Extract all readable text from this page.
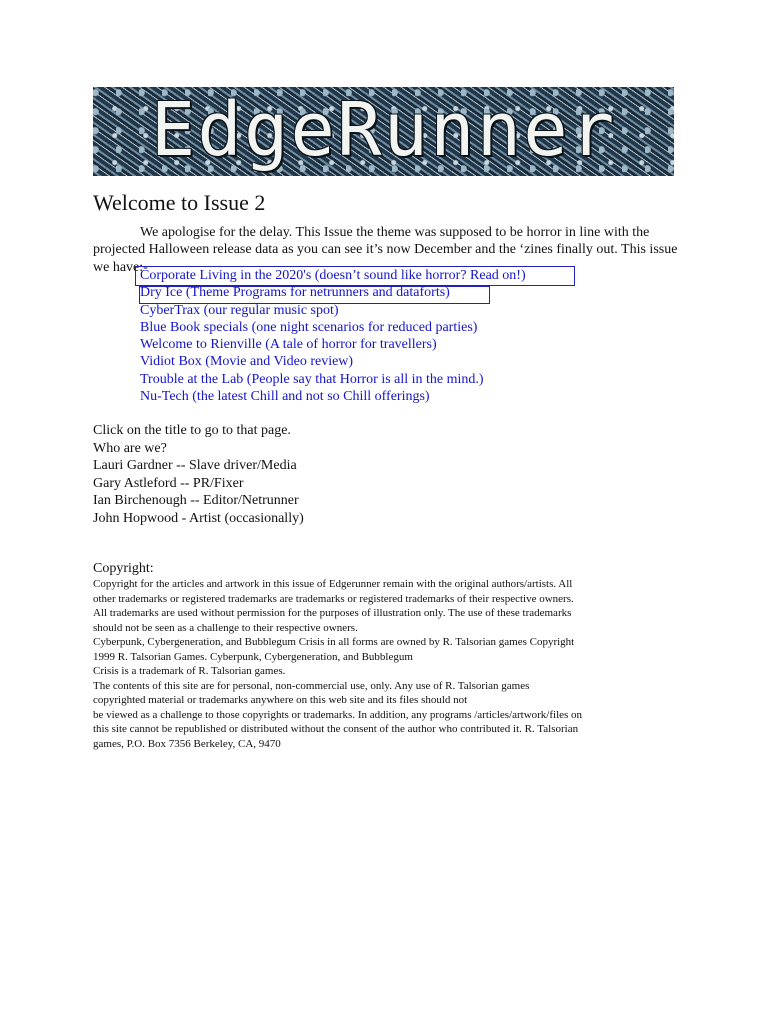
EdgeRunner
Welcome to Issue 2
We apologise for the delay. This Issue the theme was supposed to be horror in line with the projected Halloween release data as you can see it’s now December and the ‘zines finally out. This issue we have:-
Corporate Living in the 2020's (doesn’t sound like horror? Read on!)
Dry Ice (Theme Programs for netrunners and dataforts)
CyberTrax (our regular music spot)
Blue Book specials (one night scenarios for reduced parties)
Welcome to Rienville (A tale of horror for travellers)
Vidiot Box (Movie and Video review)
Trouble at the Lab (People say that Horror is all in the mind.)
Nu-Tech (the latest Chill and not so Chill offerings)
Click on the title to go to that page.
Who are we?
Lauri Gardner -- Slave driver/Media
Gary Astleford -- PR/Fixer
Ian Birchenough -- Editor/Netrunner
John Hopwood - Artist (occasionally)
Copyright:
Copyright for the articles and artwork in this issue of Edgerunner remain with the original authors/artists. All
other trademarks or registered trademarks are trademarks or registered trademarks of their respective owners.
All trademarks are used without permission for the purposes of illustration only. The use of these trademarks
should not be seen as a challenge to their respective owners.
Cyberpunk, Cybergeneration, and Bubblegum Crisis in all forms are owned by R. Talsorian games Copyright
1999 R. Talsorian Games. Cyberpunk, Cybergeneration, and Bubblegum
Crisis is a trademark of R. Talsorian games.
The contents of this site are for personal, non-commercial use, only. Any use of R. Talsorian games
copyrighted material or trademarks anywhere on this web site and its files should not
be viewed as a challenge to those copyrights or trademarks. In addition, any programs /articles/artwork/files on
this site cannot be republished or distributed without the consent of the author who contributed it. R. Talsorian
games, P.O. Box 7356 Berkeley, CA, 9470
